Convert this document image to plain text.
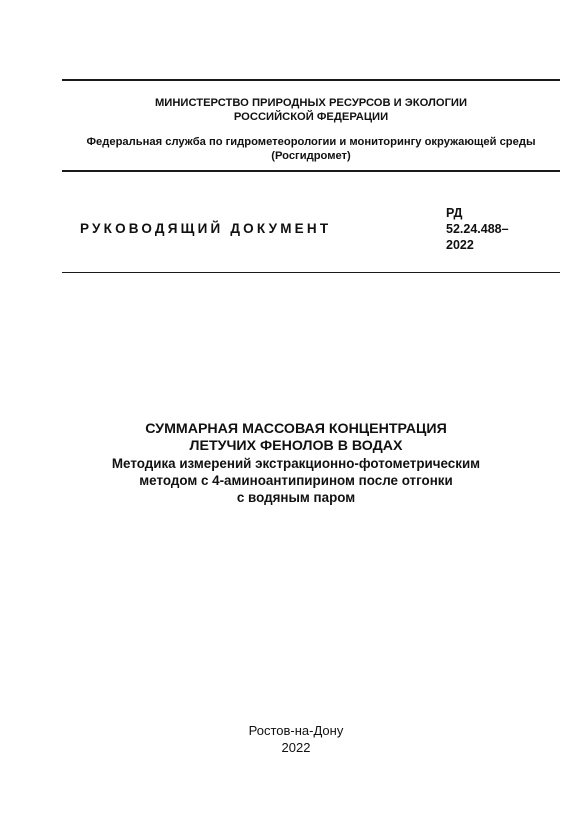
МИНИСТЕРСТВО ПРИРОДНЫХ РЕСУРСОВ И ЭКОЛОГИИ
РОССИЙСКОЙ ФЕДЕРАЦИИ
Федеральная служба по гидрометеорологии и мониторингу окружающей среды
(Росгидромет)
РУКОВОДЯЩИЙ ДОКУМЕНТ
РД
52.24.488–
2022
СУММАРНАЯ МАССОВАЯ КОНЦЕНТРАЦИЯ
ЛЕТУЧИХ ФЕНОЛОВ В ВОДАХ
Методика измерений экстракционно-фотометрическим
методом с 4-аминоантипирином после отгонки
с водяным паром
Ростов-на-Дону
2022
